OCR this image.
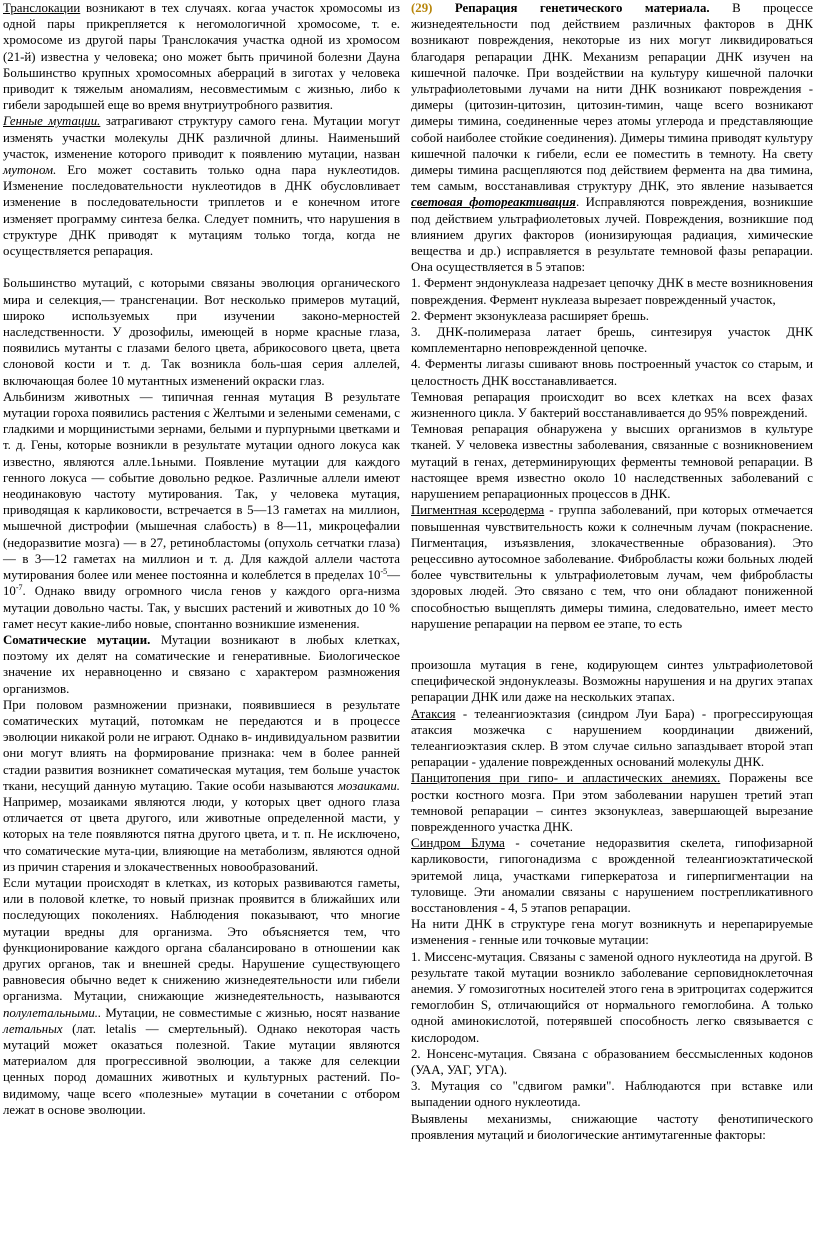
Транслокации возникают в тех случаях. когаа участок хромосомы из одной пары прикрепляется к негомологичной хромосоме, т. е. хромосоме из другой пары Транслокачия участка одной из хромосом (21-й) известна у человека; оно может быть причиной болезни Дауна Большинство крупных хромосомных аберраций в зиготах у человека приводит к тяжелым аномалиям, несовместимым с жизнью, либо к гибели зародышей еще во время внутриутробного развития.

Генные мутации. затрагивают структуру самого гена. Мутации могут изменять участки молекулы ДНК различной длины. Наименьший участок, изменение которого приводит к появлению мутации, назван мутоном. Его может составить только одна пара нуклеотидов. Изменение последовательности нуклеотидов в ДНК обусловливает изменение в последовательности триплетов и е конечном итоге изменяет программу синтеза белка. Следует помнить, что нарушения в структуре ДНК приводят к мутациям только тогда, когда не осуществляется репарация.

Большинство мутаций, с которыми связаны эволюция органического мира и селекция,— трансгенации. Вот несколько примеров мутаций, широко используемых при изучении законо-мерностей наследственности. У дрозофилы, имеющей в норме красные глаза, появились мутанты с глазами белого цвета, абрикосового цвета, цвета слоновой кости и т. д. Так возникла боль-шая серия аллелей, включающая более 10 мутантных изменений окраски глаз.

Альбинизм животных — типичная генная мутация В результате мутации гороха появились растения с Желтыми и зелеными семенами, с гладкими и морщинистыми зернами, белыми и пурпурными цветками и т. д. Гены, которые возникли в результате мутации одного локуса как известно, являются алле.1ьными. Появление мутации для каждого генного локуса — событие довольно редкое. Различные аллели имеют неодинаковую частоту мутирования. Так, у человека мутация, приводящая к карликовости, встречается в 5—13 гаметах на миллион, мышечной дистрофии (мышечная слабость) в 8—11, микроцефалии (недоразвитие мозга) — в 27, ретинобластомы (опухоль сетчатки глаза) — в 3—12 гаметах на миллион и т. д. Для каждой аллели частота мутирования более или менее постоянна и колеблется в пределах $10^{-5}—10^{-7}$. Однако ввиду огромного числа генов у каждого орга-низма мутации довольно часты. Так, у высших растений и животных до 10 % гамет несут какие-либо новые, спонтанно возникшие изменения.

Соматические мутации. Мутации возникают в любых клетках, поэтому их делят на соматические и генеративные. Биологическое значение их неравноценно и связано с характером размножения организмов.

При половом размножении признаки, появившиеся в результате соматических мутаций, потомкам не передаются и в процессе эволюции никакой роли не играют. Однако в- индивидуальном развитии они могут влиять на формирование признака: чем в более ранней стадии развития возникнет соматическая мутация, тем больше участок ткани, несущий данную мутацию. Такие особи называются мозаиками. Например, мозаиками являются люди, у которых цвет одного глаза отличается от цвета другого, или животные определенной масти, у которых на теле появляются пятна другого цвета, и т. п. Не исключено, что соматические мута-ции, влияющие на метаболизм, являются одной из причин старения и злокачественных новообразований.

Если мутации происходят в клетках, из которых развиваются гаметы, или в половой клетке, то новый признак проявится в ближайших или последующих поколениях. Наблюдения показывают, что многие мутации вредны для организма. Это объясняется тем, что функционирование каждого органа сбалансировано в отношении как других органов, так и внешней среды. Нарушение существующего равновесия обычно ведет к снижению жизнедеятельности или гибели организма. Мутации, снижающие жизнедеятельность, называются полулетальными.. Мутации, не совместимые с жизнью, носят название летальных (лат. letalis — смертельный). Однако некоторая часть мутаций может оказаться полезной. Такие мутации являются материалом для прогрессивной эволюции, а также для селекции ценных пород домашних животных и культурных растений. По-видимому, чаще всего «полезные» мутации в сочетании с отбором лежат в основе эволюции.

(29) Репарация генетического материала. В процессе жизнедеятельности под действием различных факторов в ДНК возникают повреждения, некоторые из них могут ликвидироваться благодаря репарации ДНК. Механизм репарации ДНК изучен на кишечной палочке. При воздействии на культуру кишечной палочки ультрафиолетовыми лучами на нити ДНК возникают повреждения - димеры (цитозин-цитозин, цитозин-тимин, чаще всего возникают димеры тимина, соединенные через атомы углерода и представляющие собой наиболее стойкие соединения). Димеры тимина приводят культуру кишечной палочки к гибели, если ее поместить в темноту. На свету димеры тимина расщепляются под действием фермента на два тимина, тем самым, восстанавливая структуру ДНК, это явление называется световая фотореактивация. Исправляются повреждения, возникшие под действием ультрафиолетовых лучей. Повреждения, возникшие под влиянием других факторов (ионизирующая радиация, химические вещества и др.) исправляется в результате темновой фазы репарации. Она осуществляется в 5 этапов:

1. Фермент эндонуклеаза надрезает цепочку ДНК в месте возникновения повреждения. Фермент нуклеаза вырезает поврежденный участок,

2. Фермент экзонуклеаза расширяет брешь.

3. ДНК-полимераза латает брешь, синтезируя участок ДНК комплементарно неповрежденной цепочке.

4. Ферменты лигазы сшивают вновь построенный участок со старым, и целостность ДНК восстанавливается.

Темновая репарация происходит во всех клетках на всех фазах жизненного цикла. У бактерий восстанавливается до 95% повреждений.

Темновая репарация обнаружена у высших организмов в культуре тканей. У человека известны заболевания, связанные с возникновением мутаций в генах, детерминирующих ферменты темновой репарации. В настоящее время известно около 10 наследственных заболеваний с нарушением репарационных процессов в ДНК.

Пигментная ксеродерма - группа заболеваний, при которых отмечается повышенная чувствительность кожи к солнечным лучам (покраснение. Пигментация, изъязвления, злокачественные образования). Это рецессивно аутосомное заболевание. Фибробласты кожи больных людей более чувствительны к ультрафиолетовым лучам, чем фибробласты здоровых людей. Это связано с тем, что они обладают пониженной способностью выщеплять димеры тимина, следовательно, имеет место нарушение репарации на первом ее этапе, то есть

произошла мутация в гене, кодирующем синтез ультрафиолетовой специфической эндонуклеазы. Возможны нарушения и на других этапах репарации ДНК или даже на нескольких этапах.

Атаксия - телеангиоэктазия (синдром Луи Бара) - прогрессирующая атаксия мозжечка с нарушением координации движений, телеангиоэктазия склер. В этом случае сильно запаздывает второй этап репарации - удаление поврежденных оснований молекулы ДНК.

Панцитопения при гипо- и апластических анемиях. Поражены все ростки костного мозга. При этом заболевании нарушен третий этап темновой репарации – синтез экзонуклеаз, завершающей вырезание поврежденного участка ДНК.

Синдром Блума - сочетание недоразвития скелета, гипофизарной карликовости, гипогонадизма с врожденной телеангиоэктатической эритемой лица, участками гиперкератоза и гиперпигментации на туловище. Эти аномалии связаны с нарушением пострепликативного восстановления - 4, 5 этапов репарации.

На нити ДНК в структуре гена могут возникнуть и нерепарируемые изменения - генные или точковые мутации:

1. Миссенс-мутация. Связаны с заменой одного нуклеотида на другой. В результате такой мутации возникло заболевание серповидноклеточная анемия. У гомозиготных носителей этого гена в эритроцитах содержится гемоглобин S, отличающийся от нормального гемоглобина. А только одной аминокислотой, потерявшей способность легко связывается с кислородом.

2. Нонсенс-мутация. Связана с образованием бессмысленных кодонов (УАА, УАГ, УГА).

3. Мутация со "сдвигом рамки". Наблюдаются при вставке или выпадении одного нуклеотида.

Выявлены механизмы, снижающие частоту фенотипического проявления мутаций и биологические антимутагенные факторы:
